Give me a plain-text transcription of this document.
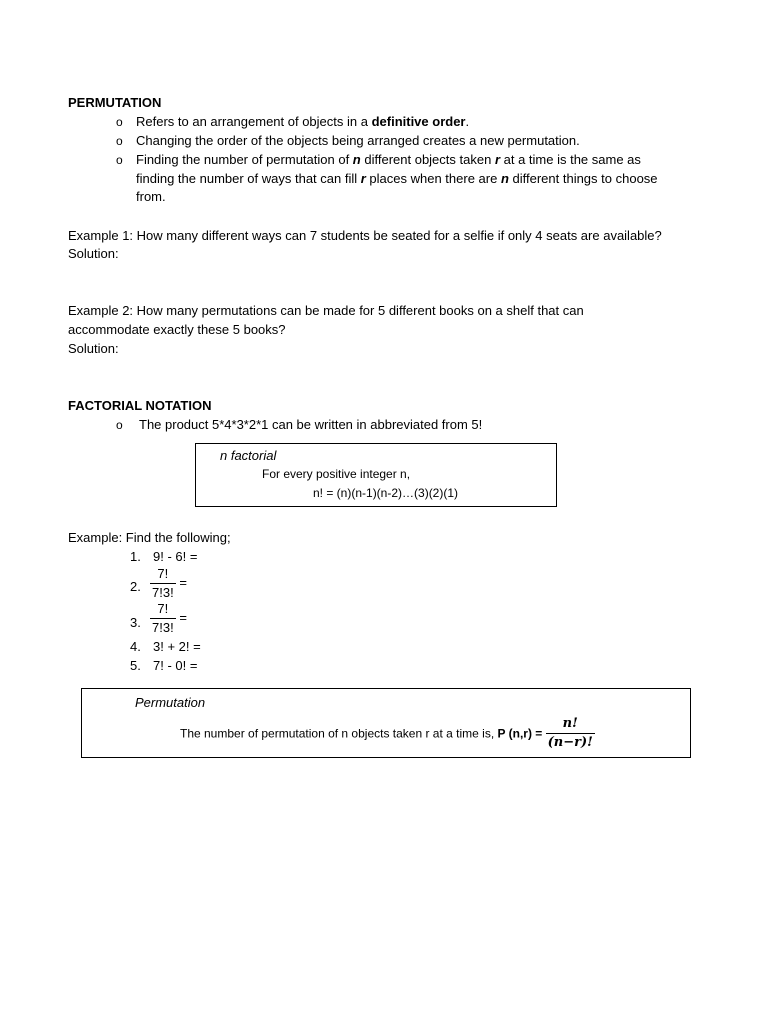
PERMUTATION
o Refers to an arrangement of objects in a definitive order.
o Changing the order of the objects being arranged creates a new permutation.
o Finding the number of permutation of n different objects taken r at a time is the same as
finding the number of ways that can fill r places when there are n different things to choose
from.
Example 1: How many different ways can 7 students be seated for a selfie if only 4 seats are available?
Solution:
Example 2: How many permutations can be made for 5 different books on a shelf that can
accommodate exactly these 5 books?
Solution:
FACTORIAL NOTATION
o The product 5*4*3*2*1 can be written in abbreviated from 5!
n factorial
For every positive integer n,
n! = (n)(n-1)(n-2)…(3)(2)(1)
Example: Find the following;
1. 9! - 6! =
2. $\frac{7!}{7!3!}$ =
3. $\frac{7!}{7!3!}$ =
4. 3! + 2! =
5. 7! - 0! =
Permutation
The number of permutation of n objects taken r at a time is, P $(n,r) = \frac{n!}{(n-r)!}$
